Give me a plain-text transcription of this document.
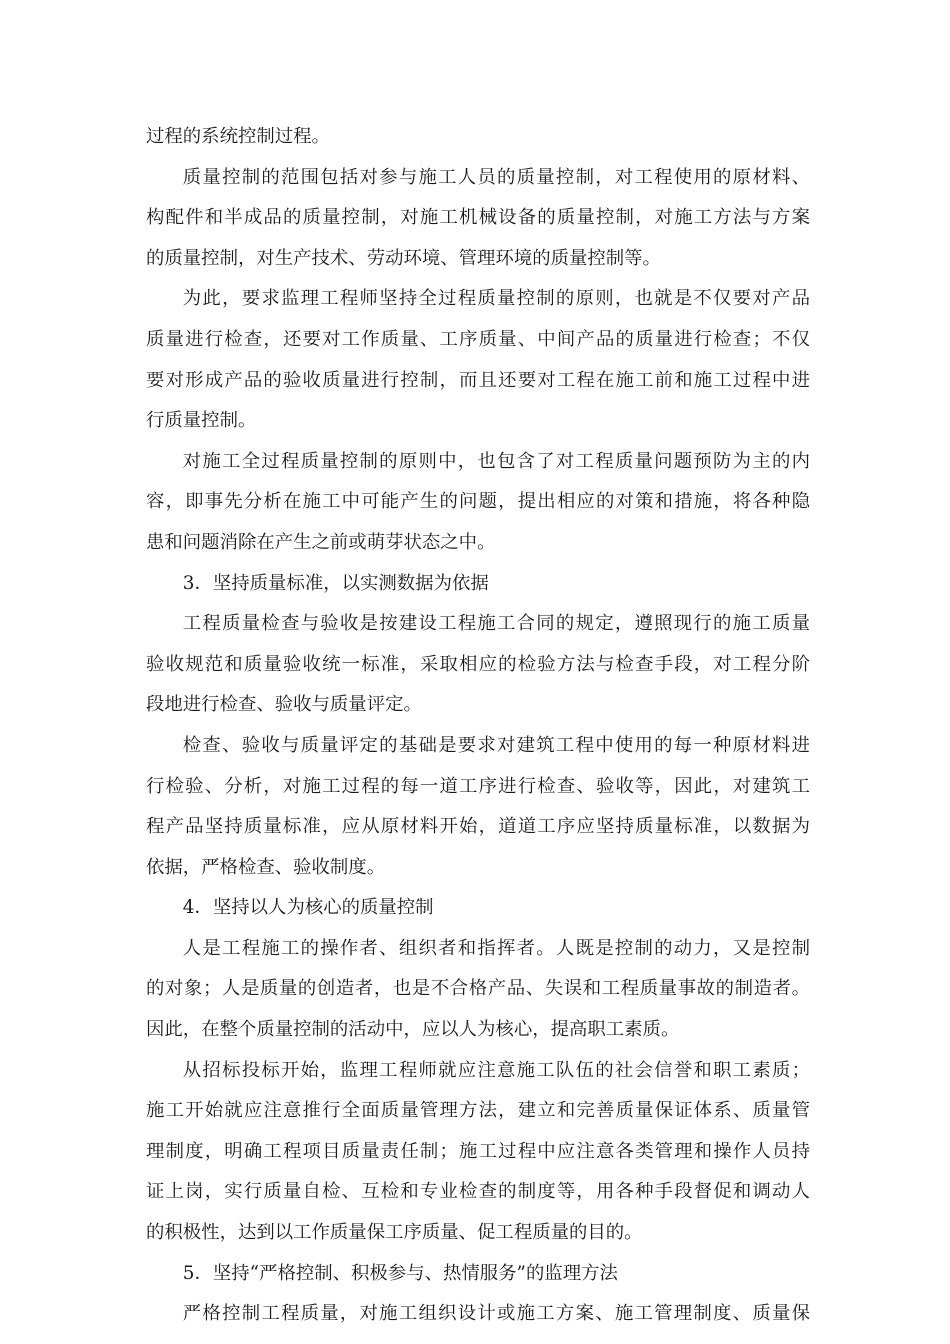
过程的系统控制过程。
质量控制的范围包括对参与施工人员的质量控制，对工程使用的原材料、
构配件和半成品的质量控制，对施工机械设备的质量控制，对施工方法与方案
的质量控制，对生产技术、劳动环境、管理环境的质量控制等。
为此，要求监理工程师坚持全过程质量控制的原则，也就是不仅要对产品
质量进行检查，还要对工作质量、工序质量、中间产品的质量进行检查；不仅
要对形成产品的验收质量进行控制，而且还要对工程在施工前和施工过程中进
行质量控制。
对施工全过程质量控制的原则中，也包含了对工程质量问题预防为主的内
容，即事先分析在施工中可能产生的问题，提出相应的对策和措施，将各种隐
患和问题消除在产生之前或萌芽状态之中。
3．坚持质量标准，以实测数据为依据
工程质量检查与验收是按建设工程施工合同的规定，遵照现行的施工质量
验收规范和质量验收统一标准，采取相应的检验方法与检查手段，对工程分阶
段地进行检查、验收与质量评定。
检查、验收与质量评定的基础是要求对建筑工程中使用的每一种原材料进
行检验、分析，对施工过程的每一道工序进行检查、验收等，因此，对建筑工
程产品坚持质量标准，应从原材料开始，道道工序应坚持质量标准，以数据为
依据，严格检查、验收制度。
4．坚持以人为核心的质量控制
人是工程施工的操作者、组织者和指挥者。人既是控制的动力，又是控制
的对象；人是质量的创造者，也是不合格产品、失误和工程质量事故的制造者。
因此，在整个质量控制的活动中，应以人为核心，提高职工素质。
从招标投标开始，监理工程师就应注意施工队伍的社会信誉和职工素质；
施工开始就应注意推行全面质量管理方法，建立和完善质量保证体系、质量管
理制度，明确工程项目质量责任制；施工过程中应注意各类管理和操作人员持
证上岗，实行质量自检、互检和专业检查的制度等，用各种手段督促和调动人
的积极性，达到以工作质量保工序质量、促工程质量的目的。
5．坚持“严格控制、积极参与、热情服务”的监理方法
严格控制工程质量，对施工组织设计或施工方案、施工管理制度、质量保
